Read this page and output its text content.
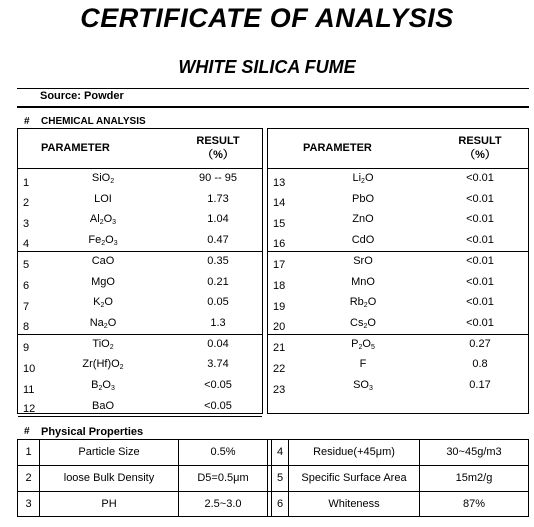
CERTIFICATE OF ANALYSIS
WHITE SILICA FUME
Source: Powder
# CHEMICAL ANALYSIS
PARAMETER
RESULT
（%）
1	SiO$_2$	90 -- 95
2	LOI	1.73
3	$Al_2O_3$	1.04
4	$Fe_2O_3$	0.47
5	CaO	0.35
6	MgO	0.21
7	$K_2O$	0.05
8	$Na_2O$	1.3
9	TiO$_2$	0.04
10	$Zr(Hf)O_2$	3.74
11	$B_2O_3$	<0.05
12	BaO	<0.05
PARAMETER
RESULT
（%）
13	$Li_2O$	<0.01
14	PbO	<0.01
15	ZnO	<0.01
16	CdO	<0.01
17	SrO	<0.01
18	MnO	<0.01
19	$Rb_2O$	<0.01
20	$Cs_2O$	<0.01
21	$P_2O_5$	0.27
22	F	0.8
23	$SO_3$	0.17
# Physical Properties
1	Particle Size	0.5%	4	Residue(+45μm)	30~45g/m3
2	loose Bulk Density	D5=0.5μm	5	Specific Surface Area	15m2/g
3	PH	2.5~3.0	6	Whiteness	87%
